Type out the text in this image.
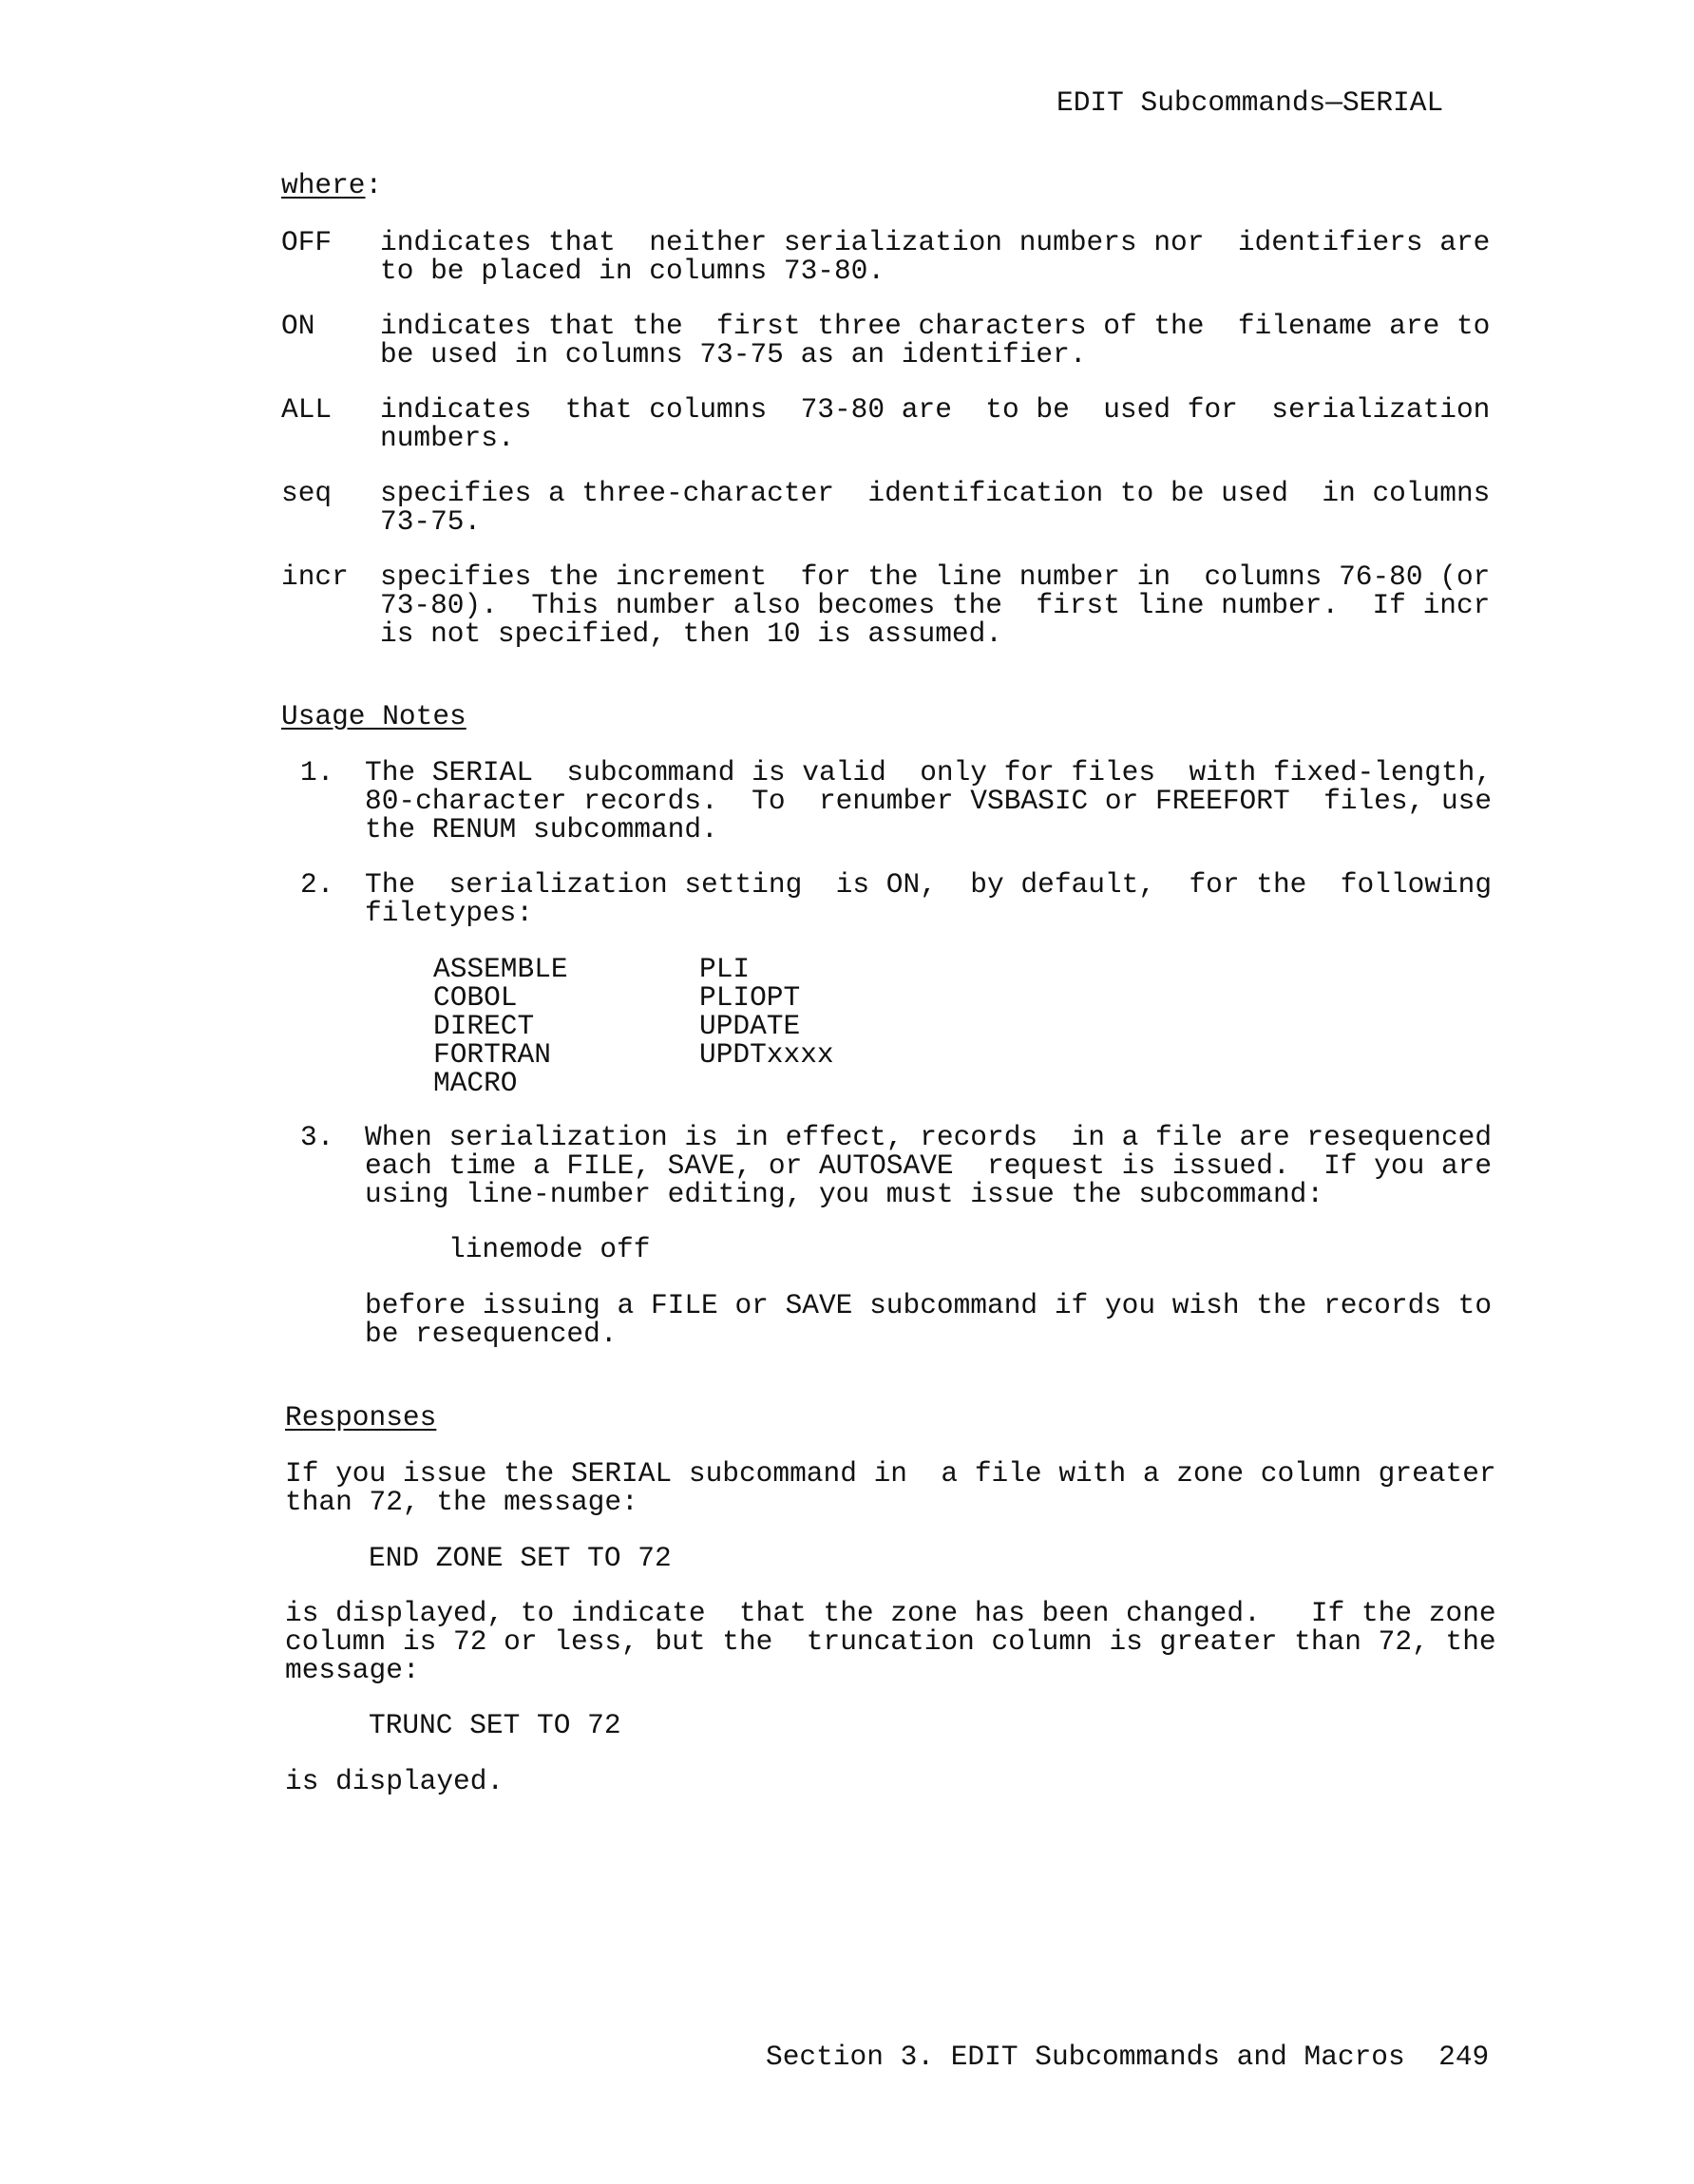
EDIT Subcommands—SERIAL
where:
OFF indicates that  neither serialization numbers nor  identifiers are
to be placed in columns 73-80.
ON indicates that the  first three characters of the  filename are to
be used in columns 73-75 as an identifier.
ALL indicates  that columns  73-80 are  to be  used for  serialization
numbers.
seq specifies a three-character  identification to be used  in columns
73-75.
incr specifies the increment  for the line number in  columns 76-80 (or
73-80).  This number also becomes the  first line number.  If incr
is not specified, then 10 is assumed.
Usage Notes
1. The SERIAL  subcommand is valid  only for files  with fixed-length,
80-character records.  To  renumber VSBASIC or FREEFORT  files, use
the RENUM subcommand.
2. The  serialization setting  is ON,  by default,  for the  following
filetypes:
ASSEMBLE
COBOL
DIRECT
FORTRAN
MACRO
PLI
PLIOPT
UPDATE
UPDTxxxx
3. When serialization is in effect, records  in a file are resequenced
each time a FILE, SAVE, or AUTOSAVE  request is issued.  If you are
using line-number editing, you must issue the subcommand:
linemode off
before issuing a FILE or SAVE subcommand if you wish the records to
be resequenced.
Responses
If you issue the SERIAL subcommand in  a file with a zone column greater
than 72, the message:
END ZONE SET TO 72
is displayed, to indicate  that the zone has been changed.   If the zone
column is 72 or less, but the  truncation column is greater than 72, the
message:
TRUNC SET TO 72
is displayed.
Section 3. EDIT Subcommands and Macros 249
